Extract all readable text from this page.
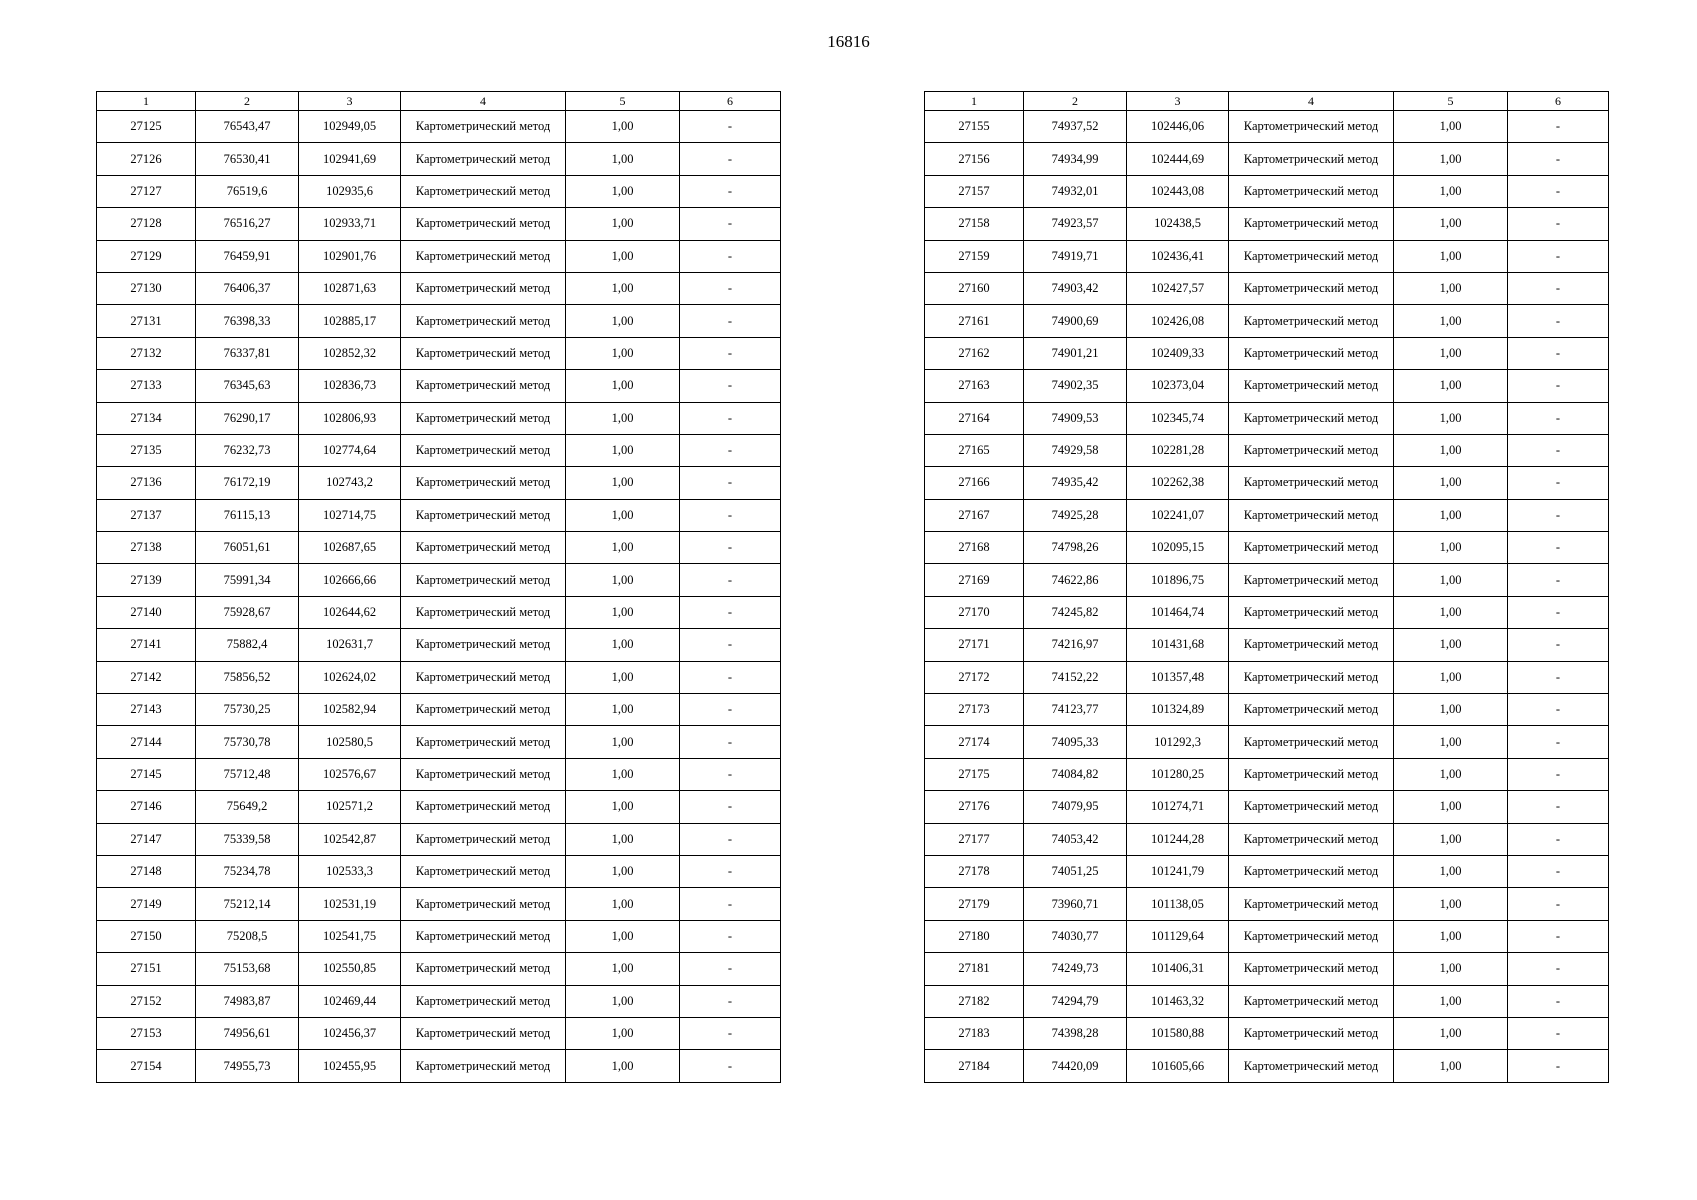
16816
1	2	3	4	5	6
27125	76543,47	102949,05	Картометрический метод	1,00	-
27126	76530,41	102941,69	Картометрический метод	1,00	-
27127	76519,6	102935,6	Картометрический метод	1,00	-
27128	76516,27	102933,71	Картометрический метод	1,00	-
27129	76459,91	102901,76	Картометрический метод	1,00	-
27130	76406,37	102871,63	Картометрический метод	1,00	-
27131	76398,33	102885,17	Картометрический метод	1,00	-
27132	76337,81	102852,32	Картометрический метод	1,00	-
27133	76345,63	102836,73	Картометрический метод	1,00	-
27134	76290,17	102806,93	Картометрический метод	1,00	-
27135	76232,73	102774,64	Картометрический метод	1,00	-
27136	76172,19	102743,2	Картометрический метод	1,00	-
27137	76115,13	102714,75	Картометрический метод	1,00	-
27138	76051,61	102687,65	Картометрический метод	1,00	-
27139	75991,34	102666,66	Картометрический метод	1,00	-
27140	75928,67	102644,62	Картометрический метод	1,00	-
27141	75882,4	102631,7	Картометрический метод	1,00	-
27142	75856,52	102624,02	Картометрический метод	1,00	-
27143	75730,25	102582,94	Картометрический метод	1,00	-
27144	75730,78	102580,5	Картометрический метод	1,00	-
27145	75712,48	102576,67	Картометрический метод	1,00	-
27146	75649,2	102571,2	Картометрический метод	1,00	-
27147	75339,58	102542,87	Картометрический метод	1,00	-
27148	75234,78	102533,3	Картометрический метод	1,00	-
27149	75212,14	102531,19	Картометрический метод	1,00	-
27150	75208,5	102541,75	Картометрический метод	1,00	-
27151	75153,68	102550,85	Картометрический метод	1,00	-
27152	74983,87	102469,44	Картометрический метод	1,00	-
27153	74956,61	102456,37	Картометрический метод	1,00	-
27154	74955,73	102455,95	Картометрический метод	1,00	-
1	2	3	4	5	6
27155	74937,52	102446,06	Картометрический метод	1,00	-
27156	74934,99	102444,69	Картометрический метод	1,00	-
27157	74932,01	102443,08	Картометрический метод	1,00	-
27158	74923,57	102438,5	Картометрический метод	1,00	-
27159	74919,71	102436,41	Картометрический метод	1,00	-
27160	74903,42	102427,57	Картометрический метод	1,00	-
27161	74900,69	102426,08	Картометрический метод	1,00	-
27162	74901,21	102409,33	Картометрический метод	1,00	-
27163	74902,35	102373,04	Картометрический метод	1,00	-
27164	74909,53	102345,74	Картометрический метод	1,00	-
27165	74929,58	102281,28	Картометрический метод	1,00	-
27166	74935,42	102262,38	Картометрический метод	1,00	-
27167	74925,28	102241,07	Картометрический метод	1,00	-
27168	74798,26	102095,15	Картометрический метод	1,00	-
27169	74622,86	101896,75	Картометрический метод	1,00	-
27170	74245,82	101464,74	Картометрический метод	1,00	-
27171	74216,97	101431,68	Картометрический метод	1,00	-
27172	74152,22	101357,48	Картометрический метод	1,00	-
27173	74123,77	101324,89	Картометрический метод	1,00	-
27174	74095,33	101292,3	Картометрический метод	1,00	-
27175	74084,82	101280,25	Картометрический метод	1,00	-
27176	74079,95	101274,71	Картометрический метод	1,00	-
27177	74053,42	101244,28	Картометрический метод	1,00	-
27178	74051,25	101241,79	Картометрический метод	1,00	-
27179	73960,71	101138,05	Картометрический метод	1,00	-
27180	74030,77	101129,64	Картометрический метод	1,00	-
27181	74249,73	101406,31	Картометрический метод	1,00	-
27182	74294,79	101463,32	Картометрический метод	1,00	-
27183	74398,28	101580,88	Картометрический метод	1,00	-
27184	74420,09	101605,66	Картометрический метод	1,00	-
